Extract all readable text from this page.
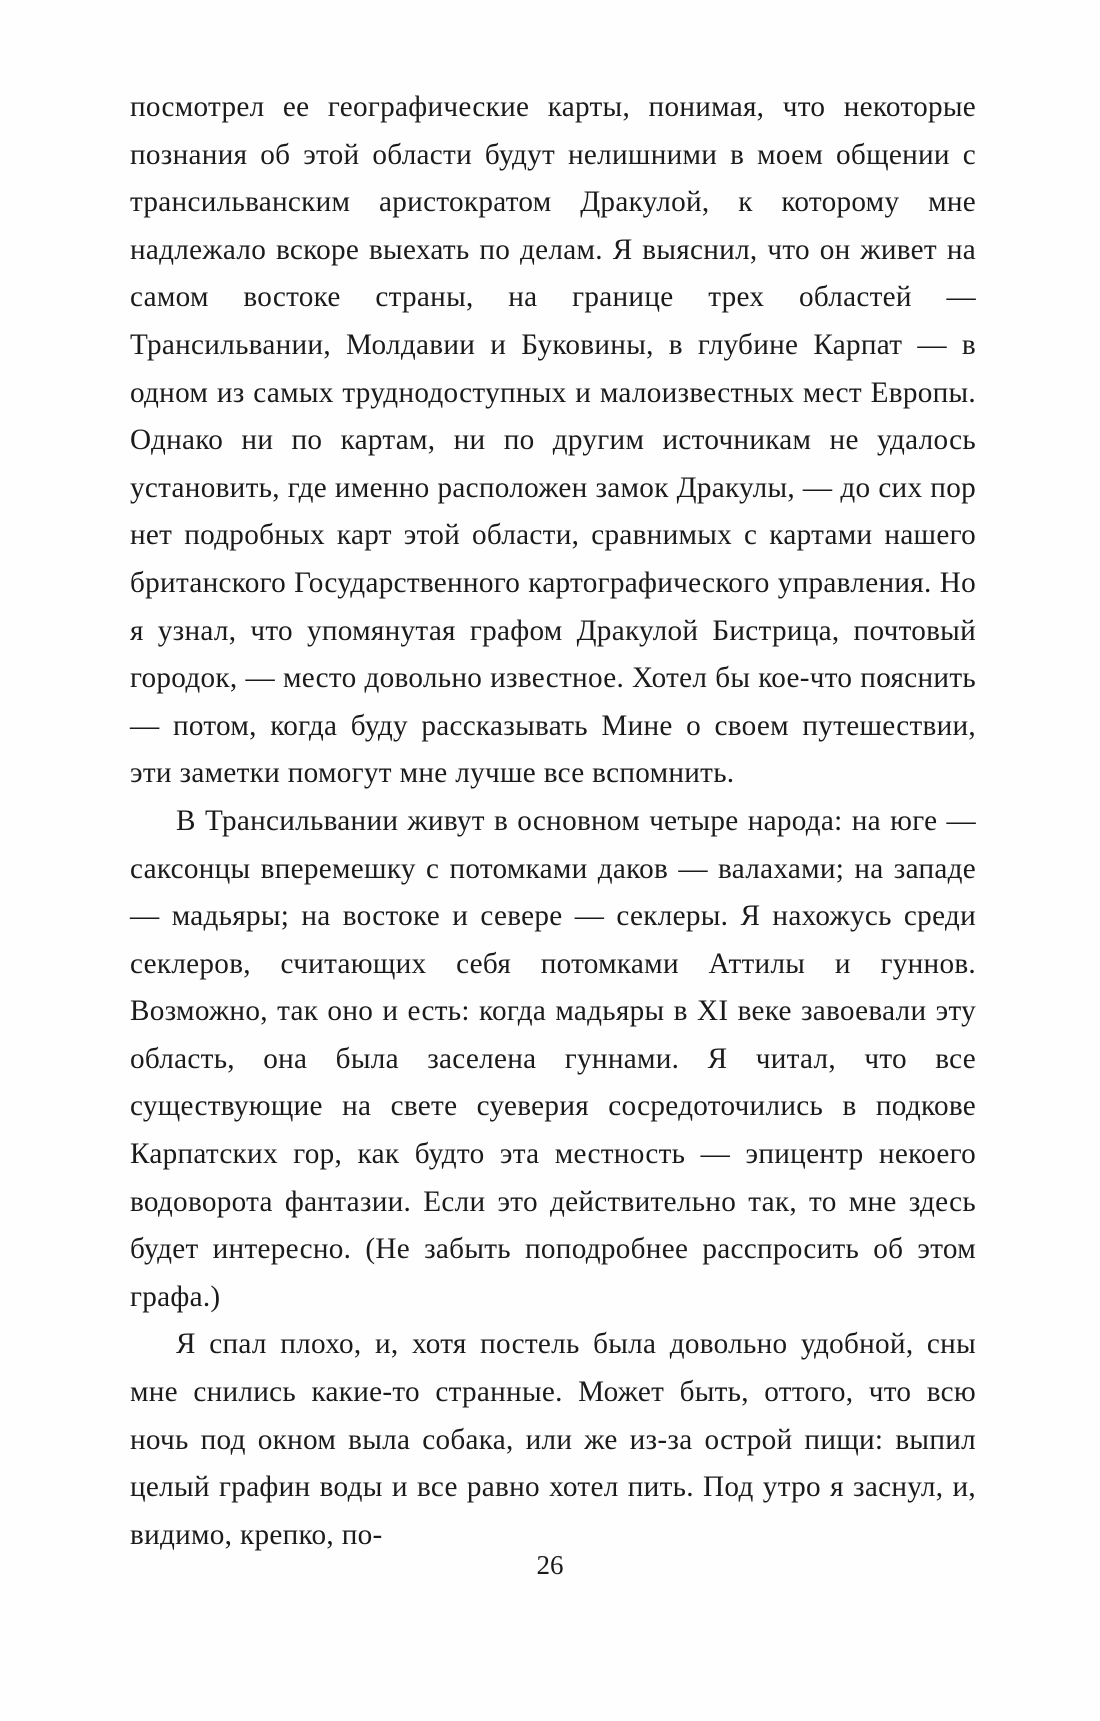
посмотрел ее географические карты, понимая, что некоторые познания об этой области будут нелишними в моем общении с трансильванским аристократом Дракулой, к которому мне надлежало вскоре выехать по делам. Я выяснил, что он живет на самом востоке страны, на границе трех областей — Трансильвании, Молдавии и Буковины, в глубине Карпат — в одном из самых труднодоступных и малоизвестных мест Европы. Однако ни по картам, ни по другим источникам не удалось установить, где именно расположен замок Дракулы, — до сих пор нет подробных карт этой области, сравнимых с картами нашего британского Государственного картографического управления. Но я узнал, что упомянутая графом Дракулой Бистрица, почтовый городок, — место довольно известное. Хотел бы кое-что пояснить — потом, когда буду рассказывать Мине о своем путешествии, эти заметки помогут мне лучше все вспомнить.

В Трансильвании живут в основном четыре народа: на юге — саксонцы вперемешку с потомками даков — валахами; на западе — мадьяры; на востоке и севере — секлеры. Я нахожусь среди секлеров, считающих себя потомками Аттилы и гуннов. Возможно, так оно и есть: когда мадьяры в XI веке завоевали эту область, она была заселена гуннами. Я читал, что все существующие на свете суеверия сосредоточились в подкове Карпатских гор, как будто эта местность — эпицентр некоего водоворота фантазии. Если это действительно так, то мне здесь будет интересно. (Не забыть поподробнее расспросить об этом графа.)

Я спал плохо, и, хотя постель была довольно удобной, сны мне снились какие-то странные. Может быть, оттого, что всю ночь под окном выла собака, или же из-за острой пищи: выпил целый графин воды и все равно хотел пить. Под утро я заснул, и, видимо, крепко, по-

26
